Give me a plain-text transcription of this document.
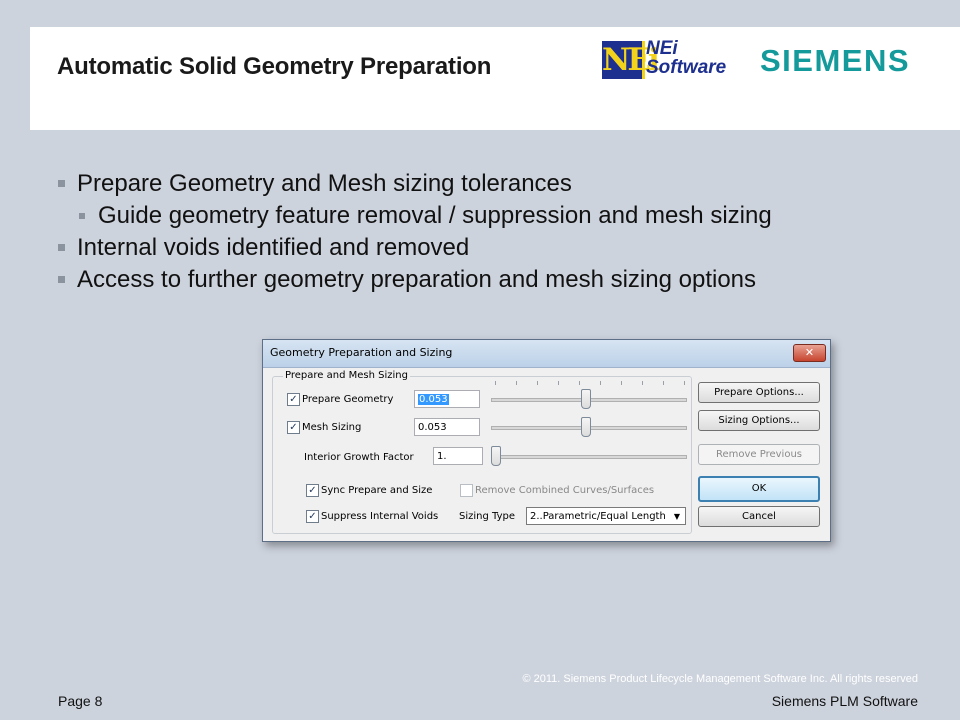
Automatic Solid Geometry Preparation	NEi
NEi
Software SIEMENS
Prepare Geometry and Mesh sizing tolerances
Guide geometry feature removal / suppression and mesh sizing
Internal voids identified and removed
Access to further geometry preparation and mesh sizing options
Geometry Preparation and Sizing	✕
Prepare and Mesh Sizing
✓ Prepare Geometry	0.053
✓ Mesh Sizing	0.053
Interior Growth Factor	1.
✓ Sync Prepare and Size	Remove Combined Curves/Surfaces
✓ Suppress Internal Voids Sizing Type	2..Parametric/Equal Length ▼
Prepare Options...
Sizing Options...
Remove Previous
OK
Cancel
© 2011. Siemens Product Lifecycle Management Software Inc. All rights reserved
Page 8	Siemens PLM Software
